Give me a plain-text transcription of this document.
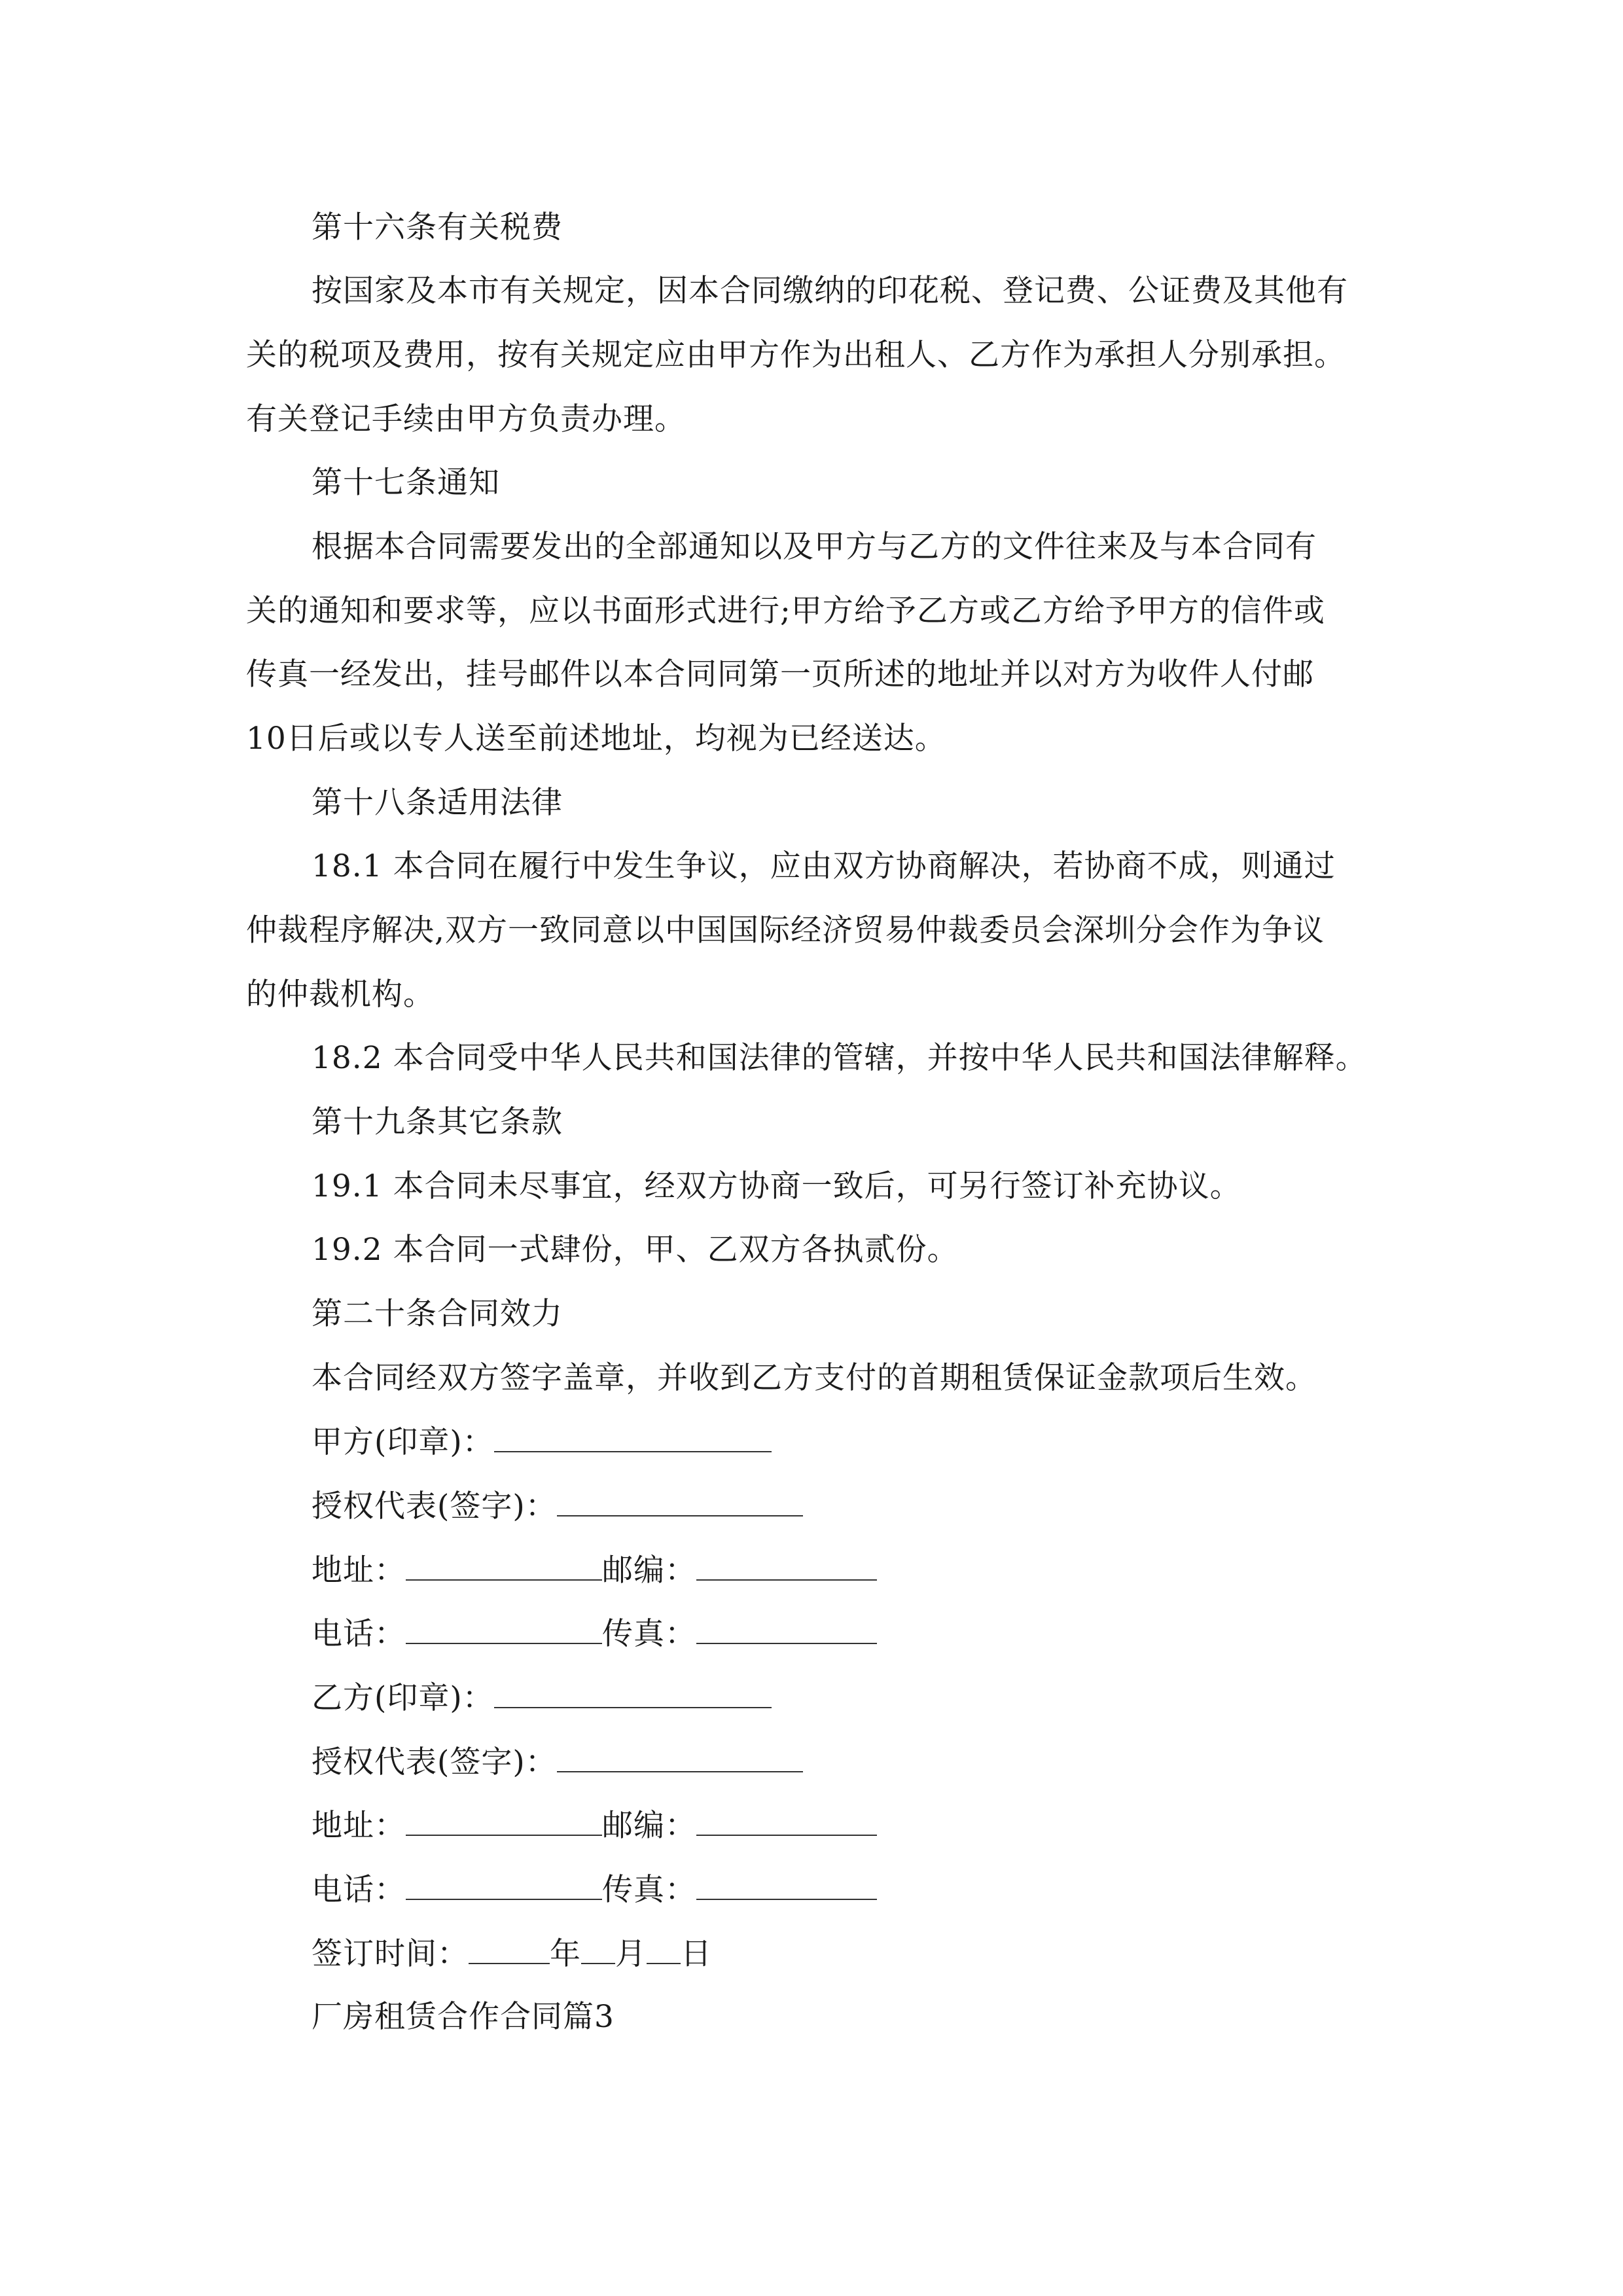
第十六条有关税费
按国家及本市有关规定，因本合同缴纳的印花税、登记费、公证费及其他有
关的税项及费用，按有关规定应由甲方作为出租人、乙方作为承担人分别承担。
有关登记手续由甲方负责办理。
第十七条通知
根据本合同需要发出的全部通知以及甲方与乙方的文件往来及与本合同有
关的通知和要求等，应以书面形式进行;甲方给予乙方或乙方给予甲方的信件或
传真一经发出，挂号邮件以本合同同第一页所述的地址并以对方为收件人付邮
10日后或以专人送至前述地址，均视为已经送达。
第十八条适用法律
18.1 本合同在履行中发生争议，应由双方协商解决，若协商不成，则通过
仲裁程序解决,双方一致同意以中国国际经济贸易仲裁委员会深圳分会作为争议
的仲裁机构。
18.2 本合同受中华人民共和国法律的管辖，并按中华人民共和国法律解释。
第十九条其它条款
19.1 本合同未尽事宜，经双方协商一致后，可另行签订补充协议。
19.2 本合同一式肆份，甲、乙双方各执贰份。
第二十条合同效力
本合同经双方签字盖章，并收到乙方支付的首期租赁保证金款项后生效。
甲方(印章)：
授权代表(签字)：
地址：	邮编：
电话：	传真：
乙方(印章)：
授权代表(签字)：
地址：	邮编：
电话：	传真：
签订时间：	年 月 日
厂房租赁合作合同篇3
